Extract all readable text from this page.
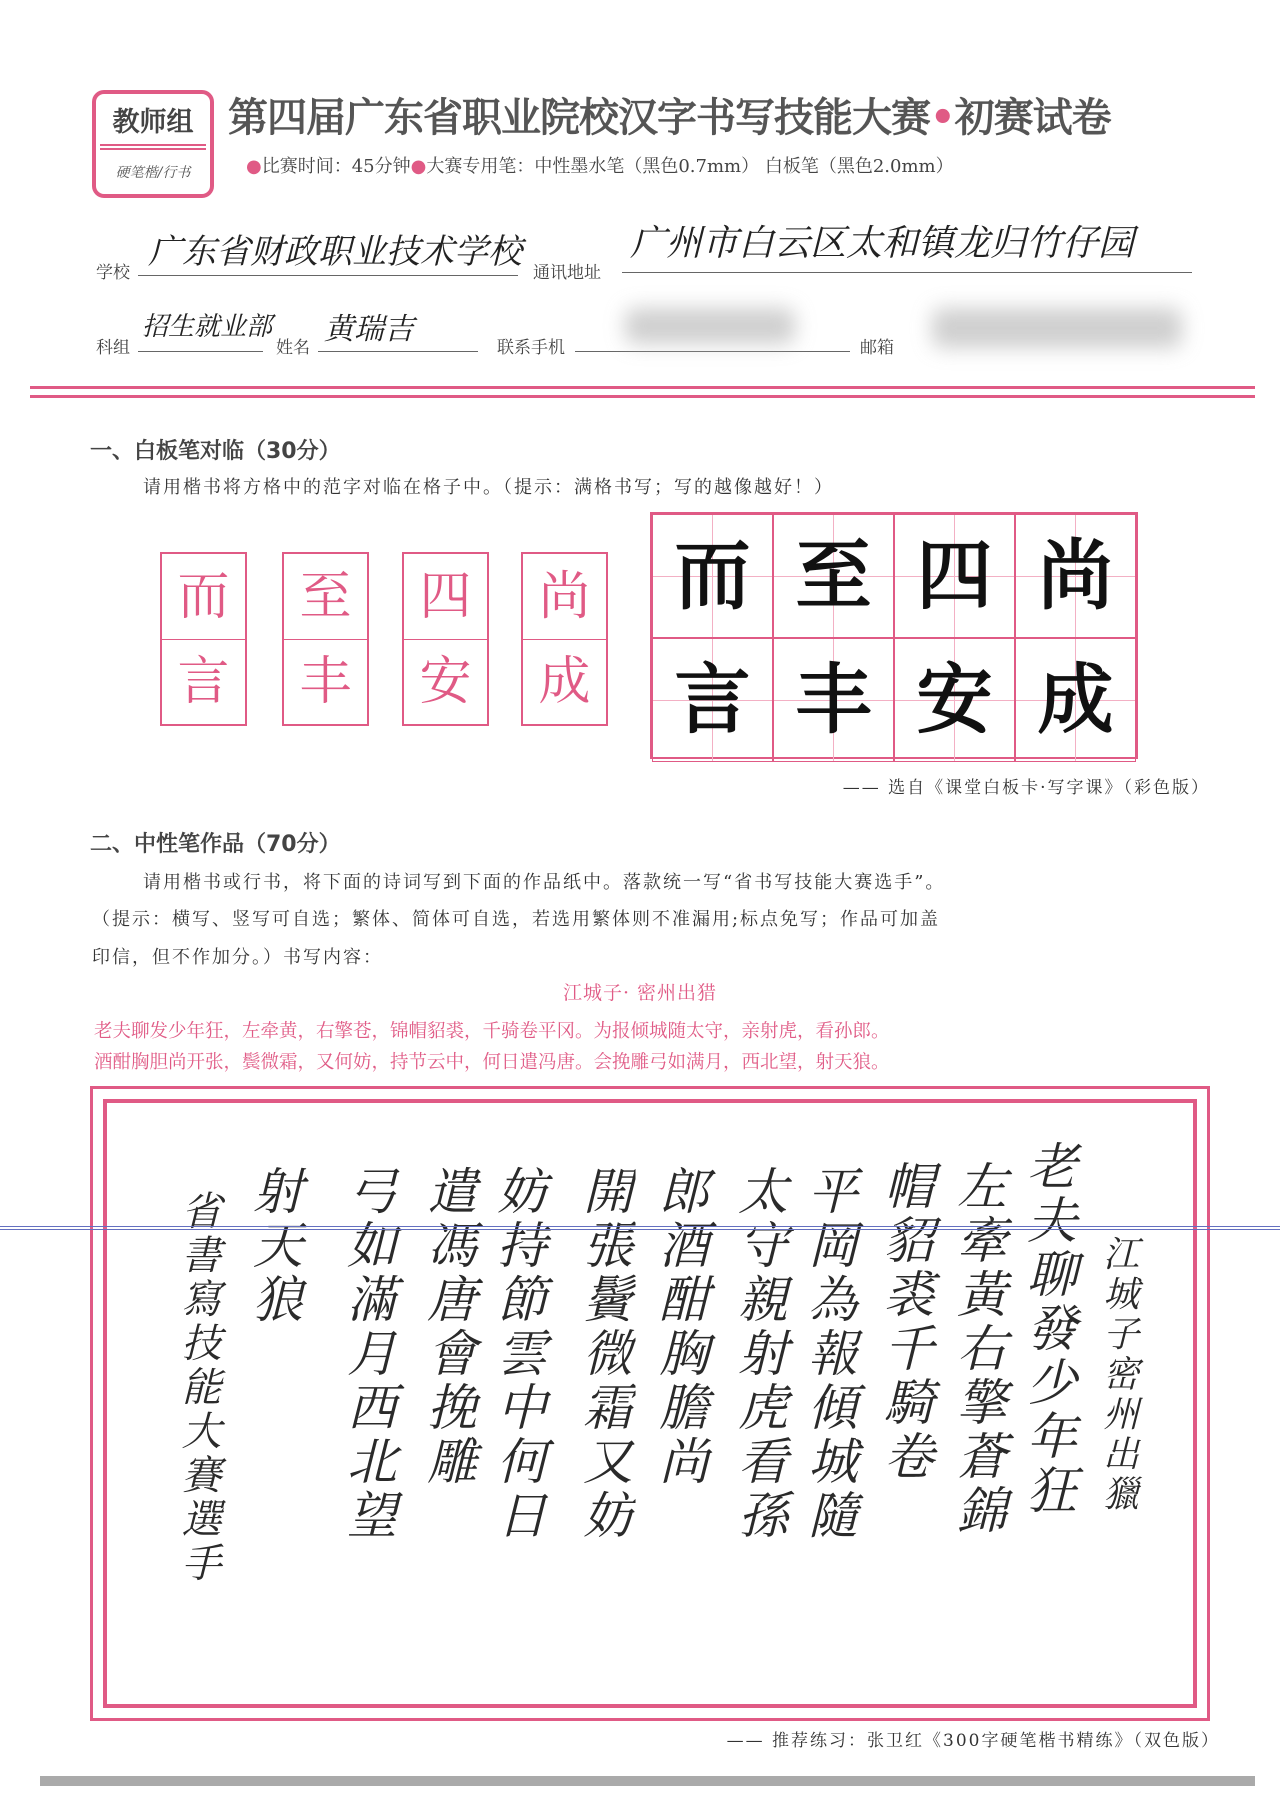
教师组
硬笔楷/行书
第四届广东省职业院校汉字书写技能大赛•初赛试卷
●比赛时间：45分钟●大赛专用笔：中性墨水笔（黑色0.7mm） 白板笔（黑色2.0mm）
学校
广东省财政职业技术学校
通讯地址
广州市白云区太和镇龙归竹仔园
科组
招生就业部
姓名
黄瑞吉
联系手机	邮箱
一、白板笔对临（30分）
请用楷书将方格中的范字对临在格子中。（提示：满格书写；写的越像越好！）
而
言
至
丰
四
安
尚
成
而 至 四 尚
言 丰 安 成
—— 选自《课堂白板卡·写字课》（彩色版）
二、中性笔作品（70分）
请用楷书或行书，将下面的诗词写到下面的作品纸中。落款统一写“省书写技能大赛选手”。
（提示：横写、竖写可自选；繁体、简体可自选，若选用繁体则不准漏用;标点免写；作品可加盖
印信，但不作加分。）书写内容：
江城子· 密州出猎
老夫聊发少年狂，左牵黄，右擎苍，锦帽貂裘，千骑卷平冈。为报倾城随太守，亲射虎，看孙郎。
酒酣胸胆尚开张，鬓微霜，又何妨，持节云中，何日遣冯唐。会挽雕弓如满月，西北望，射天狼。
江城子密州出獵
老夫聊發少年狂
左牽黃右擎蒼錦
帽貂裘千騎卷
平岡為報傾城隨
太守親射虎看孫
郎酒酣胸膽尚
開張鬢微霜又妨
妨持節雲中何日
遣馮唐會挽雕
弓如滿月西北望
射天狼
省書寫技能大賽選手
—— 推荐练习：张卫红《300字硬笔楷书精练》（双色版）
